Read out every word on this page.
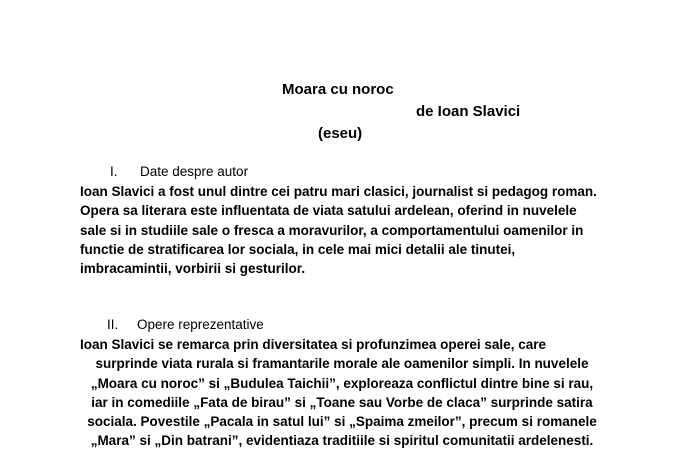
Moara cu noroc
de Ioan Slavici
(eseu)
I. Date despre autor
Ioan Slavici a fost unul dintre cei patru mari clasici, journalist si pedagog roman.
Opera sa literara este influentata de viata satului ardelean, oferind in nuvelele
sale si in studiile sale o fresca a moravurilor, a comportamentului oamenilor in
functie de stratificarea lor sociala, in cele mai mici detalii ale tinutei,
imbracamintii, vorbirii si gesturilor.
II. Opere reprezentative
Ioan Slavici se remarca prin diversitatea si profunzimea operei sale, care
surprinde viata rurala si framantarile morale ale oamenilor simpli. In nuvelele
„Moara cu noroc” si „Budulea Taichii”, exploreaza conflictul dintre bine si rau,
iar in comediile „Fata de birau” si „Toane sau Vorbe de claca” surprinde satira
sociala. Povestile „Pacala in satul lui” si „Spaima zmeilor”, precum si romanele
„Mara” si „Din batrani”, evidentiaza traditiile si spiritul comunitatii ardelenesti.
